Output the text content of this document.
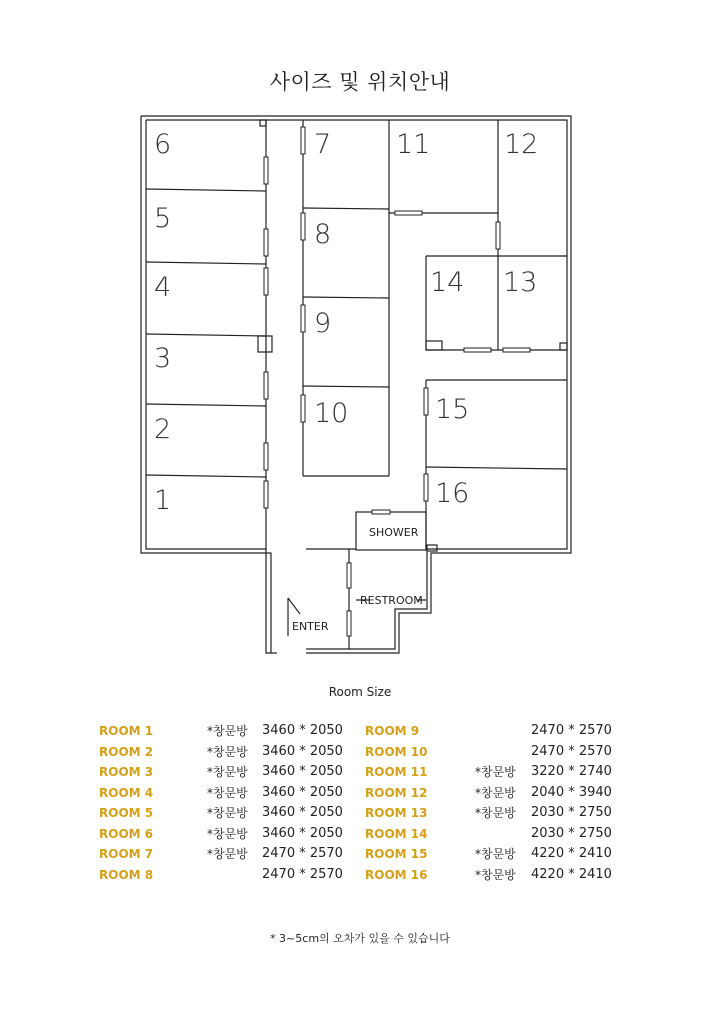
사이즈 및 위치안내
6
5
4
3
2
1
7
8
9
10
11	12
14 13
15
16
SHOWER
RESTROOM
ENTER
Room Size
ROOM 1	*창문방	3460 * 2050
ROOM 2	*창문방	3460 * 2050
ROOM 3	*창문방	3460 * 2050
ROOM 4	*창문방	3460 * 2050
ROOM 5	*창문방	3460 * 2050
ROOM 6	*창문방	3460 * 2050
ROOM 7	*창문방	2470 * 2570
ROOM 8	2470 * 2570
ROOM 9	2470 * 2570
ROOM 10	2470 * 2570
ROOM 11	*창문방	3220 * 2740
ROOM 12	*창문방	2040 * 3940
ROOM 13	*창문방	2030 * 2750
ROOM 14	2030 * 2750
ROOM 15	*창문방	4220 * 2410
ROOM 16	*창문방	4220 * 2410
* 3~5cm의 오차가 있을 수 있습니다
